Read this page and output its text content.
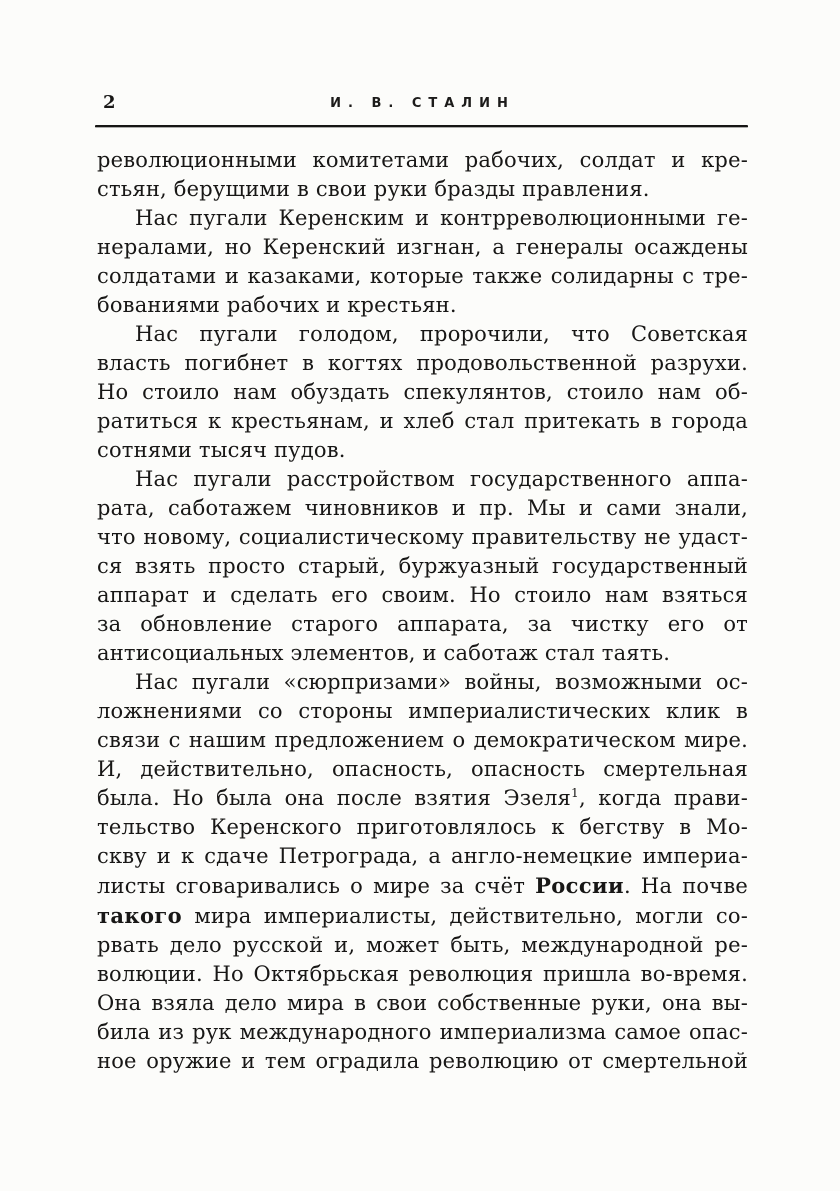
2	И. В. СТАЛИН
революционными комитетами рабочих, солдат и кре-
стьян, берущими в свои руки бразды правления.
Нас пугали Керенским и контрреволюционными ге-
нералами, но Керенский изгнан, а генералы осаждены
солдатами и казаками, которые также солидарны с тре-
бованиями рабочих и крестьян.
Нас пугали голодом, пророчили, что Советская
власть погибнет в когтях продовольственной разрухи.
Но стоило нам обуздать спекулянтов, стоило нам об-
ратиться к крестьянам, и хлеб стал притекать в города
сотнями тысяч пудов.
Нас пугали расстройством государственного аппа-
рата, саботажем чиновников и пр. Мы и сами знали,
что новому, социалистическому правительству не удаст-
ся взять просто старый, буржуазный государственный
аппарат и сделать его своим. Но стоило нам взяться
за обновление старого аппарата, за чистку его от
антисоциальных элементов, и саботаж стал таять.
Нас пугали «сюрпризами» войны, возможными ос-
ложнениями со стороны империалистических клик в
связи с нашим предложением о демократическом мире.
И, действительно, опасность, опасность смертельная
была. Но была она после взятия Эзеля$^1$, когда прави-
тельство Керенского приготовлялось к бегству в Мо-
скву и к сдаче Петрограда, а англо-немецкие империа-
листы сговаривались о мире за счёт России. На почве
такого мира империалисты, действительно, могли со-
рвать дело русской и, может быть, международной ре-
волюции. Но Октябрьская революция пришла во-время.
Она взяла дело мира в свои собственные руки, она вы-
била из рук международного империализма самое опас-
ное оружие и тем оградила революцию от смертельной
